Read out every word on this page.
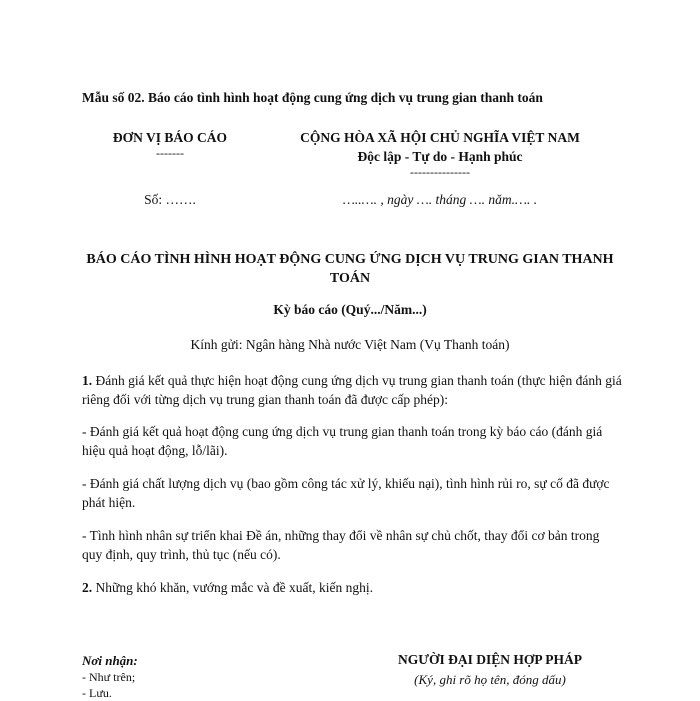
Mẫu số 02. Báo cáo tình hình hoạt động cung ứng dịch vụ trung gian thanh toán
ĐƠN VỊ BÁO CÁO
-------
Số: …….
CỘNG HÒA XÃ HỘI CHỦ NGHĨA VIỆT NAM
Độc lập - Tự do - Hạnh phúc
---------------
…..…. , ngày …. tháng …. năm.…. .
BÁO CÁO TÌNH HÌNH HOẠT ĐỘNG CUNG ỨNG DỊCH VỤ TRUNG GIAN THANH TOÁN
Kỳ báo cáo (Quý.../Năm...)
Kính gửi: Ngân hàng Nhà nước Việt Nam (Vụ Thanh toán)
1. Đánh giá kết quả thực hiện hoạt động cung ứng dịch vụ trung gian thanh toán (thực hiện đánh giá riêng đối với từng dịch vụ trung gian thanh toán đã được cấp phép):
- Đánh giá kết quả hoạt động cung ứng dịch vụ trung gian thanh toán trong kỳ báo cáo (đánh giá hiệu quả hoạt động, lỗ/lãi).
- Đánh giá chất lượng dịch vụ (bao gồm công tác xử lý, khiếu nại), tình hình rủi ro, sự cố đã được phát hiện.
- Tình hình nhân sự triển khai Đề án, những thay đổi về nhân sự chủ chốt, thay đổi cơ bản trong quy định, quy trình, thủ tục (nếu có).
2. Những khó khăn, vướng mắc và đề xuất, kiến nghị.
Nơi nhận:
- Như trên;
- Lưu.
NGƯỜI ĐẠI DIỆN HỢP PHÁP
(Ký, ghi rõ họ tên, đóng dấu)
